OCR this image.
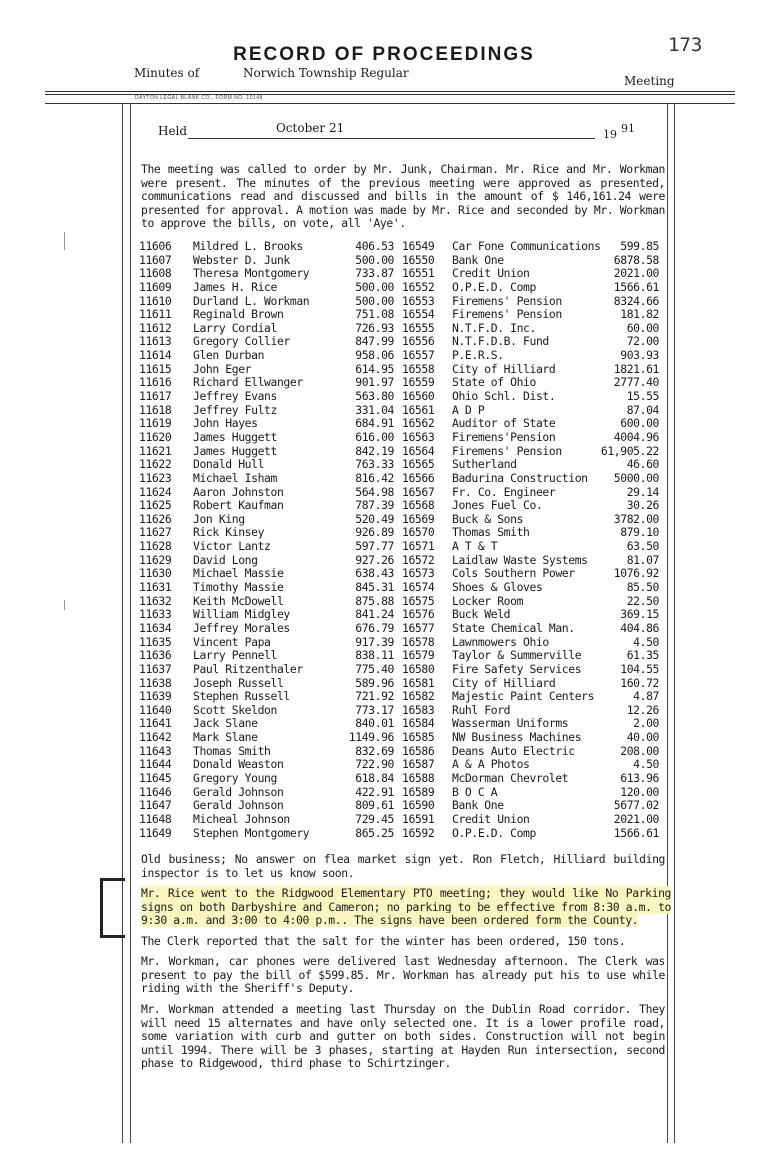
173
RECORD OF PROCEEDINGS
Minutes of	Norwich Township Regular
Meeting
DAYTON LEGAL BLANK CO., FORM NO. 10148
Held	October 21	19 91
The meeting was called to order by Mr. Junk, Chairman. Mr. Rice and Mr. Workman were present. The minutes of the previous meeting were approved as presented, communications read and discussed and bills in the amount of $ 146,161.24 were presented for approval. A motion was made by Mr. Rice and seconded by Mr. Workman to approve the bills, on vote, all 'Aye'.
11606	Mildred L. Brooks	406.53 16549	Car Fone Communications	599.85
11607	Webster D. Junk	500.00 16550	Bank One	6878.58
11608	Theresa Montgomery	733.87 16551	Credit Union	2021.00
11609	James H. Rice	500.00 16552	O.P.E.D. Comp	1566.61
11610	Durland L. Workman	500.00 16553	Firemens' Pension	8324.66
11611	Reginald Brown	751.08 16554	Firemens' Pension	181.82
11612	Larry Cordial	726.93 16555	N.T.F.D. Inc.	60.00
11613	Gregory Collier	847.99 16556	N.T.F.D.B. Fund	72.00
11614	Glen Durban	958.06 16557	P.E.R.S.	903.93
11615	John Eger	614.95 16558	City of Hilliard	1821.61
11616	Richard Ellwanger	901.97 16559	State of Ohio	2777.40
11617	Jeffrey Evans	563.80 16560	Ohio Schl. Dist.	15.55
11618	Jeffrey Fultz	331.04 16561	A D P	87.04
11619	John Hayes	684.91 16562	Auditor of State	600.00
11620	James Huggett	616.00 16563	Firemens'Pension	4004.96
11621	James Huggett	842.19 16564	Firemens' Pension	61,905.22
11622	Donald Hull	763.33 16565	Sutherland	46.60
11623	Michael Isham	816.42 16566	Badurina Construction	5000.00
11624	Aaron Johnston	564.98 16567	Fr. Co. Engineer	29.14
11625	Robert Kaufman	787.39 16568	Jones Fuel Co.	30.26
11626	Jon King	520.49 16569	Buck & Sons	3782.00
11627	Rick Kinsey	926.89 16570	Thomas Smith	879.10
11628	Victor Lantz	597.77 16571	A T & T	63.50
11629	David Long	927.26 16572	Laidlaw Waste Systems	81.07
11630	Michael Massie	638.43 16573	Cols Southern Power	1076.92
11631	Timothy Massie	845.31 16574	Shoes & Gloves	85.50
11632	Keith McDowell	875.88 16575	Locker Room	22.50
11633	William Midgley	841.24 16576	Buck Weld	369.15
11634	Jeffrey Morales	676.79 16577	State Chemical Man.	404.86
11635	Vincent Papa	917.39 16578	Lawnmowers Ohio	4.50
11636	Larry Pennell	838.11 16579	Taylor & Summerville	61.35
11637	Paul Ritzenthaler	775.40 16580	Fire Safety Services	104.55
11638	Joseph Russell	589.96 16581	City of Hilliard	160.72
11639	Stephen Russell	721.92 16582	Majestic Paint Centers	4.87
11640	Scott Skeldon	773.17 16583	Ruhl Ford	12.26
11641	Jack Slane	840.01 16584	Wasserman Uniforms	2.00
11642	Mark Slane	1149.96 16585	NW Business Machines	40.00
11643	Thomas Smith	832.69 16586	Deans Auto Electric	208.00
11644	Donald Weaston	722.90 16587	A & A Photos	4.50
11645	Gregory Young	618.84 16588	McDorman Chevrolet	613.96
11646	Gerald Johnson	422.91 16589	B O C A	120.00
11647	Gerald Johnson	809.61 16590	Bank One	5677.02
11648	Micheal Johnson	729.45 16591	Credit Union	2021.00
11649	Stephen Montgomery	865.25 16592	O.P.E.D. Comp	1566.61
Old business; No answer on flea market sign yet. Ron Fletch, Hilliard building inspector is to let us know soon.
Mr. Rice went to the Ridgwood Elementary PTO meeting; they would like No Parking signs on both Darbyshire and Cameron; no parking to be effective from 8:30 a.m. to 9:30 a.m. and 3:00 to 4:00 p.m.. The signs have been ordered form the County.
The Clerk reported that the salt for the winter has been ordered, 150 tons.
Mr. Workman, car phones were delivered last Wednesday afternoon. The Clerk was present to pay the bill of $599.85. Mr. Workman has already put his to use while riding with the Sheriff's Deputy.
Mr. Workman attended a meeting last Thursday on the Dublin Road corridor. They will need 15 alternates and have only selected one. It is a lower profile road, some variation with curb and gutter on both sides. Construction will not begin until 1994. There will be 3 phases, starting at Hayden Run intersection, second phase to Ridgewood, third phase to Schirtzinger.
